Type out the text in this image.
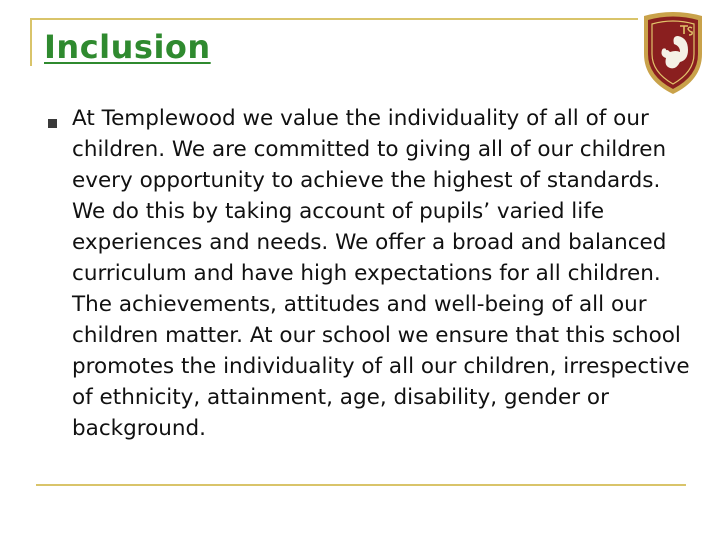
Inclusion

At Templewood we value the individuality of all of our children. We are committed to giving all of our children every opportunity to achieve the highest of standards. We do this by taking account of pupils’ varied life experiences and needs. We offer a broad and balanced curriculum and have high expectations for all children. The achievements, attitudes and well-being of all our children matter. At our school we ensure that this school promotes the individuality of all our children, irrespective of ethnicity, attainment, age, disability, gender or background.
